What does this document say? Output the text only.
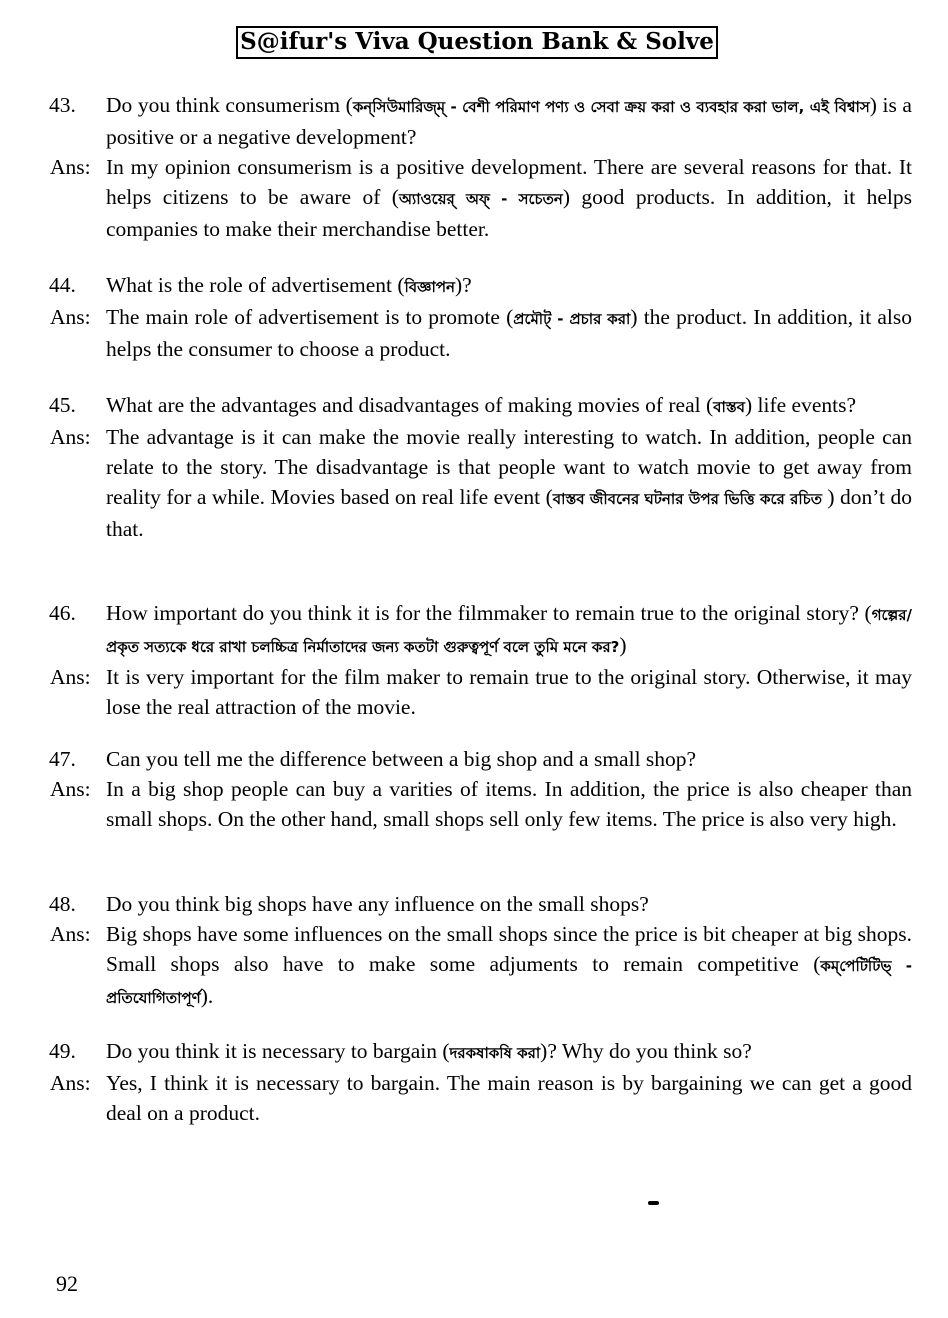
S@ifur's Viva Question Bank & Solve
43.	Do you think consumerism (কন্‌সিউমারিজ্‌ম্‌ - বেশী পরিমাণ পণ্য ও সেবা ক্রয় করা ও ব্যবহার করা ভাল, এই বিশ্বাস) is a positive or a negative development?
Ans: In my opinion consumerism is a positive development. There are several reasons for that. It helps citizens to be aware of (অ্যাওয়ের্‌ অফ্‌ - সচেতন) good products. In addition, it helps companies to make their merchandise better.
44.	What is the role of advertisement (বিজ্ঞাপন)?
Ans: The main role of advertisement is to promote (প্রমৌট্‌ - প্রচার করা) the product. In addition, it also helps the consumer to choose a product.
45.	What are the advantages and disadvantages of making movies of real (বাস্তব) life events?
Ans: The advantage is it can make the movie really interesting to watch. In addition, people can relate to the story. The disadvantage is that people want to watch movie to get away from reality for a while. Movies based on real life event (বাস্তব জীবনের ঘটনার উপর ভিত্তি করে রচিত ) don’t do that.
46.	How important do you think it is for the filmmaker to remain true to the original story? (গল্পের/প্রকৃত সত্যকে ধরে রাখা চলচ্চিত্র নির্মাতাদের জন্য কতটা গুরুত্বপূর্ণ বলে তুমি মনে কর?)
Ans: It is very important for the film maker to remain true to the original story. Otherwise, it may lose the real attraction of the movie.
47.	Can you tell me the difference between a big shop and a small shop?
Ans: In a big shop people can buy a varities of items. In addition, the price is also cheaper than small shops. On the other hand, small shops sell only few items. The price is also very high.
48.	Do you think big shops have any influence on the small shops?
Ans: Big shops have some influences on the small shops since the price is bit cheaper at big shops. Small shops also have to make some adjuments to remain competitive (কম্‌পেটিটিভ্‌ - প্রতিযোগিতাপূর্ণ).
49.	Do you think it is necessary to bargain (দরকষাকষি করা)? Why do you think so?
Ans: Yes, I think it is necessary to bargain. The main reason is by bargaining we can get a good deal on a product.
92
